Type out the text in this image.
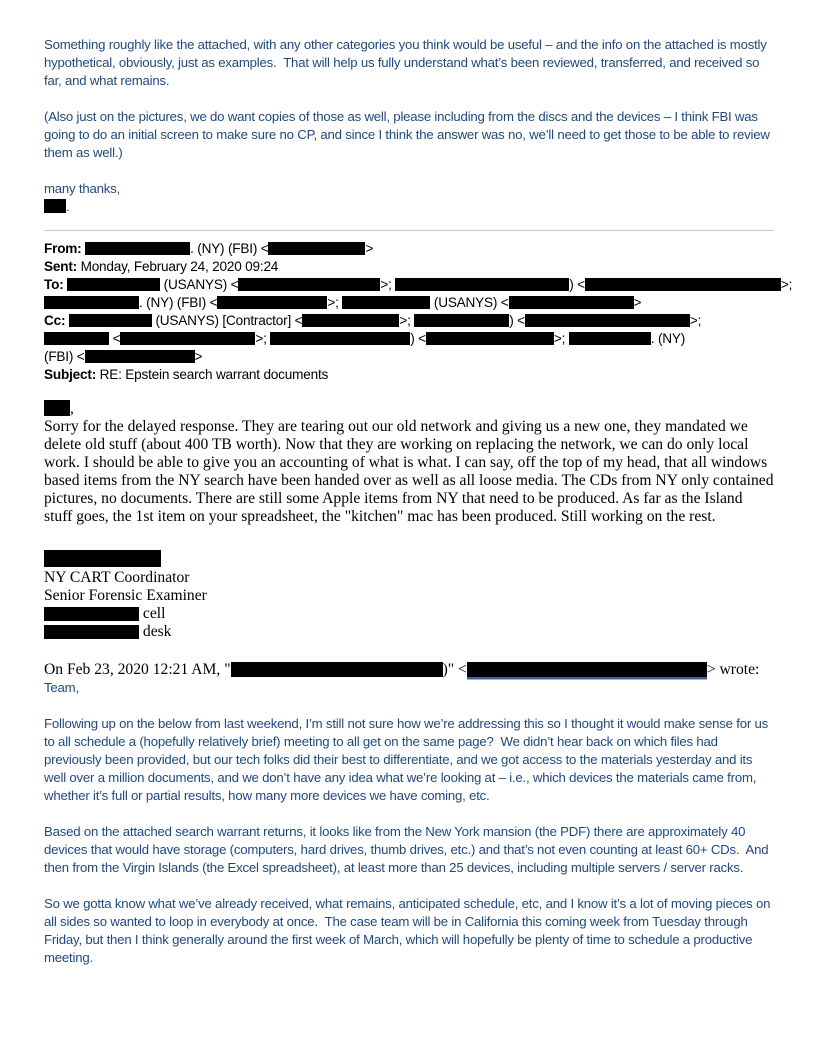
Something roughly like the attached, with any other categories you think would be useful – and the info on the attached is mostly hypothetical, obviously, just as examples.  That will help us fully understand what’s been reviewed, transferred, and received so far, and what remains.

(Also just on the pictures, we do want copies of those as well, please including from the discs and the devices – I think FBI was going to do an initial screen to make sure no CP, and since I think the answer was no, we’ll need to get those to be able to review them as well.)

many thanks,
.
From:	. (NY) (FBI) <	>
Sent: Monday, February 24, 2020 09:24
To:	(USANYS) <	>;	) <	>;
. (NY) (FBI) <	>;	(USANYS) <	>
Cc:	(USANYS) [Contractor] <	>;	) <	>;
<	>;	) <	>;	. (NY)
(FBI) <	>
Subject: RE: Epstein search warrant documents
,

Sorry for the delayed response. They are tearing out our old network and giving us a new one, they mandated we delete old stuff (about 400 TB worth). Now that they are working on replacing the network, we can do only local work. I should be able to give you an accounting of what is what. I can say, off the top of my head, that all windows based items from the NY search have been handed over as well as all loose media. The CDs from NY only contained pictures, no documents. There are still some Apple items from NY that need to be produced. As far as the Island stuff goes, the 1st item on your spreadsheet, the "kitchen" mac has been produced. Still working on the rest.

NY CART Coordinator
Senior Forensic Examiner
cell
desk
On Feb 23, 2020 12:21 AM, "	)" <	> wrote:
Team,

Following up on the below from last weekend, I’m still not sure how we’re addressing this so I thought it would make sense for us to all schedule a (hopefully relatively brief) meeting to all get on the same page?  We didn’t hear back on which files had previously been provided, but our tech folks did their best to differentiate, and we got access to the materials yesterday and its well over a million documents, and we don’t have any idea what we’re looking at – i.e., which devices the materials came from, whether it’s full or partial results, how many more devices we have coming, etc.

Based on the attached search warrant returns, it looks like from the New York mansion (the PDF) there are approximately 40 devices that would have storage (computers, hard drives, thumb drives, etc.) and that’s not even counting at least 60+ CDs.  And then from the Virgin Islands (the Excel spreadsheet), at least more than 25 devices, including multiple servers / server racks.

So we gotta know what we’ve already received, what remains, anticipated schedule, etc, and I know it’s a lot of moving pieces on all sides so wanted to loop in everybody at once.  The case team will be in California this coming week from Tuesday through Friday, but then I think generally around the first week of March, which will hopefully be plenty of time to schedule a productive meeting.
